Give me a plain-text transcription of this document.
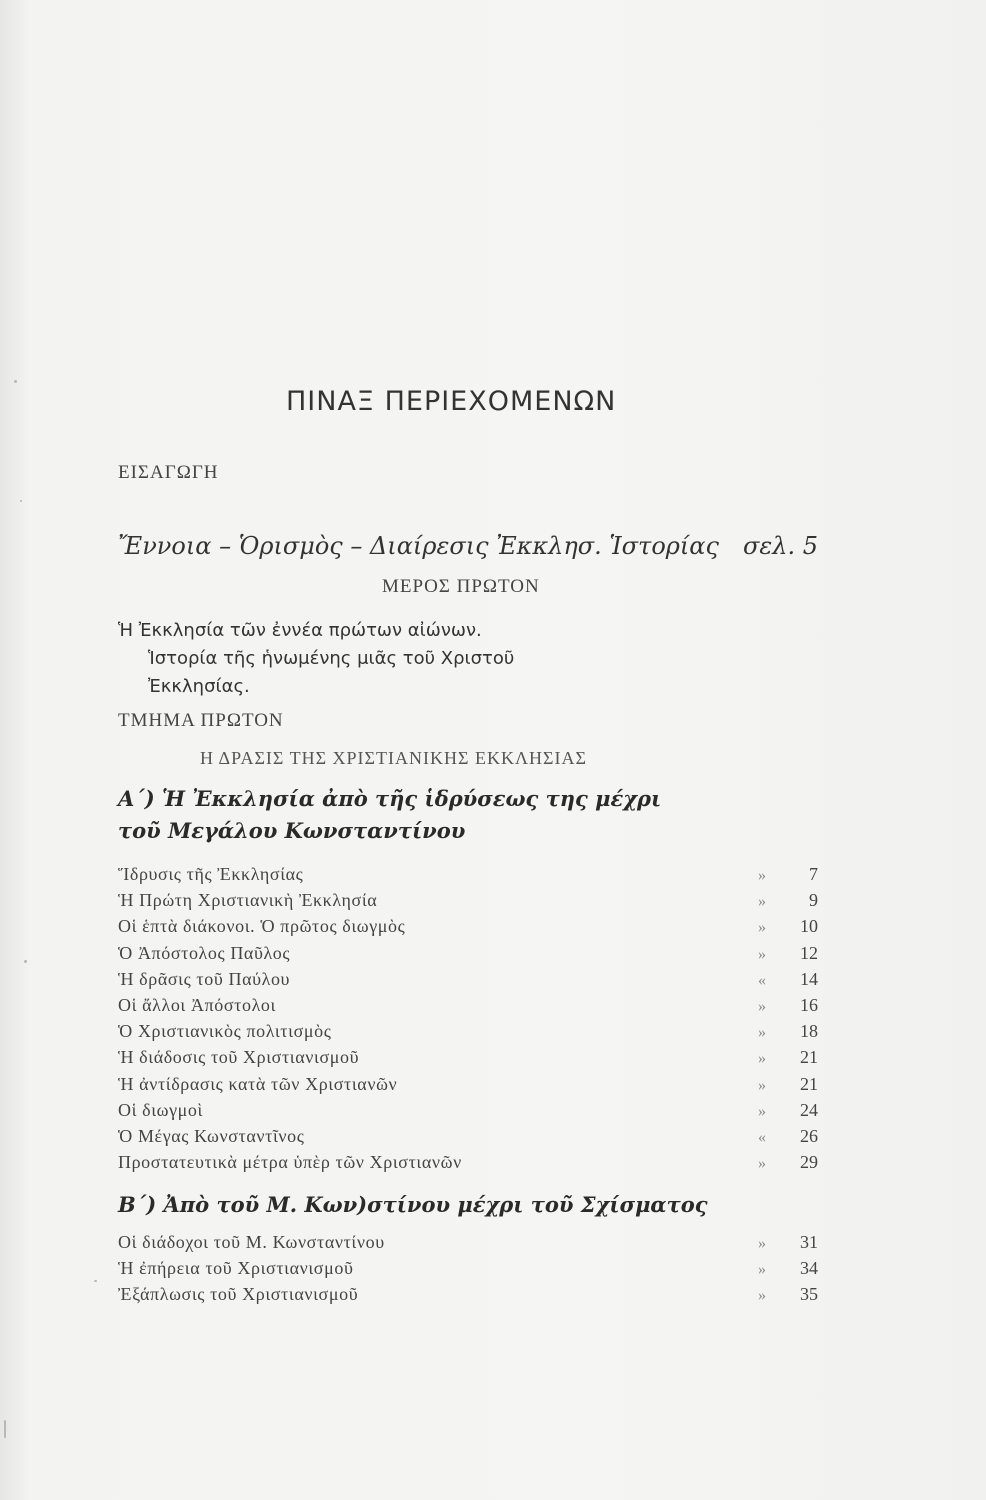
ΠΙΝΑΞ ΠΕΡΙΕΧΟΜΕΝΩΝ
ΕΙΣΑΓΩΓΗ
Ἔννοια – Ὁρισμὸς – Διαίρεσις Ἐκκλησ. Ἱστορίας σελ. 5
ΜΕΡΟΣ ΠΡΩΤΟΝ
Ἡ Ἐκκλησία τῶν ἐννέα πρώτων αἰώνων.
Ἱστορία τῆς ἡνωμένης μιᾶς τοῦ Χριστοῦ
Ἐκκλησίας.
ΤΜΗΜΑ ΠΡΩΤΟΝ
Η ΔΡΑΣΙΣ ΤΗΣ ΧΡΙΣΤΙΑΝΙΚΗΣ ΕΚΚΛΗΣΙΑΣ
Α΄) Ἡ Ἐκκλησία ἀπὸ τῆς ἱδρύσεως της μέχρι
τοῦ Μεγάλου Κωνσταντίνου
Ἵδρυσις τῆς Ἐκκλησίας	»	7
Ἡ Πρώτη Χριστιανικὴ Ἐκκλησία	»	9
Οἱ ἑπτὰ διάκονοι. Ὁ πρῶτος διωγμὸς	»	10
Ὁ Ἀπόστολος Παῦλος	»	12
Ἡ δρᾶσις τοῦ Παύλου	«	14
Οἱ ἄλλοι Ἀπόστολοι	»	16
Ὁ Χριστιανικὸς πολιτισμὸς	»	18
Ἡ διάδοσις τοῦ Χριστιανισμοῦ	»	21
Ἡ ἀντίδρασις κατὰ τῶν Χριστιανῶν	»	21
Οἱ διωγμοὶ	»	24
Ὁ Μέγας Κωνσταντῖνος	«	26
Προστατευτικὰ μέτρα ὑπὲρ τῶν Χριστιανῶν	»	29
Β΄) Ἀπὸ τοῦ Μ. Κων)στίνου μέχρι τοῦ Σχίσματος
Οἱ διάδοχοι τοῦ Μ. Κωνσταντίνου	»	31
Ἡ ἐπήρεια τοῦ Χριστιανισμοῦ	»	34
Ἐξάπλωσις τοῦ Χριστιανισμοῦ	»	35
